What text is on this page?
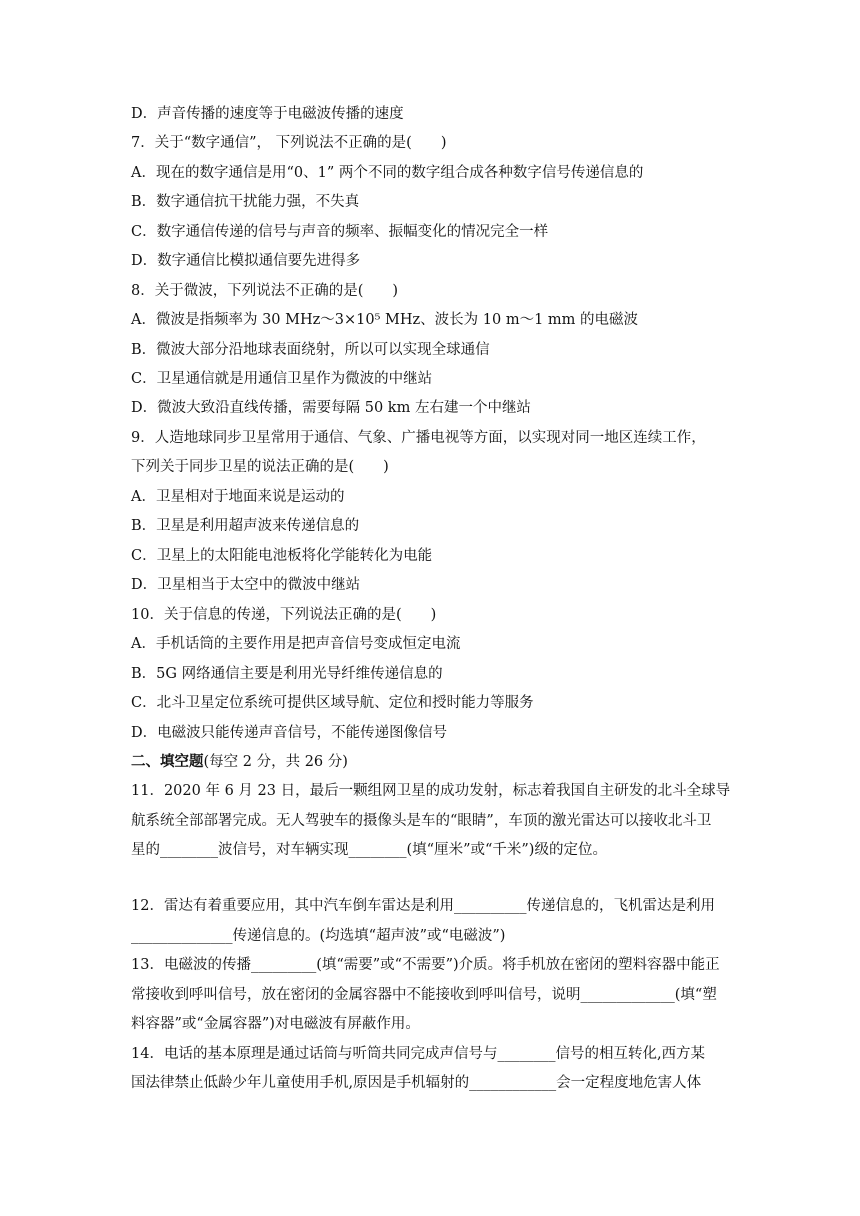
D．声音传播的速度等于电磁波传播的速度
7．关于“数字通信”， 下列说法不正确的是(　　)
A．现在的数字通信是用“0、1” 两个不同的数字组合成各种数字信号传递信息的
B．数字通信抗干扰能力强，不失真
C．数字通信传递的信号与声音的频率、振幅变化的情况完全一样
D．数字通信比模拟通信要先进得多
8．关于微波，下列说法不正确的是(　　)
A．微波是指频率为 30 MHz～3×10⁵ MHz、波长为 10 m～1 mm 的电磁波
B．微波大部分沿地球表面绕射，所以可以实现全球通信
C．卫星通信就是用通信卫星作为微波的中继站
D．微波大致沿直线传播，需要每隔 50 km 左右建一个中继站
9．人造地球同步卫星常用于通信、气象、广播电视等方面，以实现对同一地区连续工作，
下列关于同步卫星的说法正确的是(　　)
A．卫星相对于地面来说是运动的
B．卫星是利用超声波来传递信息的
C．卫星上的太阳能电池板将化学能转化为电能
D．卫星相当于太空中的微波中继站
10．关于信息的传递，下列说法正确的是(　　)
A．手机话筒的主要作用是把声音信号变成恒定电流
B．5G 网络通信主要是利用光导纤维传递信息的
C．北斗卫星定位系统可提供区域导航、定位和授时能力等服务
D．电磁波只能传递声音信号，不能传递图像信号
二、填空题(每空 2 分，共 26 分)
11．2020 年 6 月 23 日，最后一颗组网卫星的成功发射，标志着我国自主研发的北斗全球导
航系统全部部署完成。无人驾驶车的摄像头是车的“眼睛”，车顶的激光雷达可以接收北斗卫
星的________波信号，对车辆实现________(填“厘米”或“千米”)级的定位。
12．雷达有着重要应用，其中汽车倒车雷达是利用__________传递信息的，飞机雷达是利用
______________传递信息的。(均选填“超声波”或“电磁波”)
13．电磁波的传播_________(填“需要”或“不需要”)介质。将手机放在密闭的塑料容器中能正
常接收到呼叫信号，放在密闭的金属容器中不能接收到呼叫信号，说明_____________(填“塑
料容器”或“金属容器”)对电磁波有屏蔽作用。
14．电话的基本原理是通过话筒与听筒共同完成声信号与________信号的相互转化,西方某
国法律禁止低龄少年儿童使用手机,原因是手机辐射的____________会一定程度地危害人体
